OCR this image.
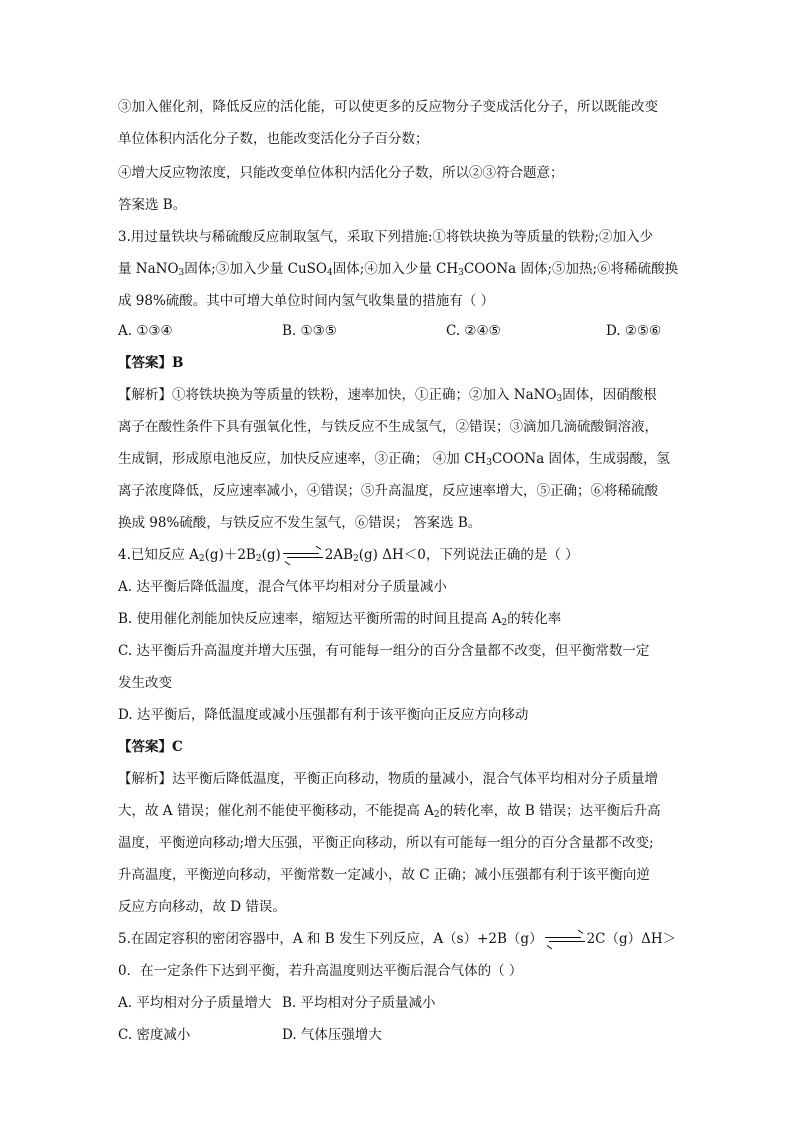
③加入催化剂，降低反应的活化能，可以使更多的反应物分子变成活化分子，所以既能改变
单位体积内活化分子数，也能改变活化分子百分数；
④增大反应物浓度，只能改变单位体积内活化分子数，所以②③符合题意；
答案选 B。
3.用过量铁块与稀硫酸反应制取氢气，采取下列措施:①将铁块换为等质量的铁粉;②加入少
量 NaNO$_3$固体;③加入少量 CuSO$_4$固体;④加入少量 $CH_3COONa$ 固体;⑤加热;⑥将稀硫酸换
成 98%硫酸。其中可增大单位时间内氢气收集量的措施有（ ）
A. ①③④	B. ①③⑤	C. ②④⑤	D. ②⑤⑥
【答案】B
【解析】①将铁块换为等质量的铁粉，速率加快，①正确；②加入 NaNO$_3$固体，因硝酸根
离子在酸性条件下具有强氧化性，与铁反应不生成氢气，②错误；③滴加几滴硫酸铜溶液，
生成铜，形成原电池反应，加快反应速率，③正确； ④加 $CH_3COONa$ 固体，生成弱酸，氢
离子浓度降低，反应速率减小，④错误；⑤升高温度，反应速率增大，⑤正确；⑥将稀硫酸
换成 98%硫酸，与铁反应不发生氢气，⑥错误； 答案选 B。
4.已知反应 $A_2(g)+2B_2(g)$ ⇌ $2AB_2(g)$ ΔH＜0，下列说法正确的是（ ）
A. 达平衡后降低温度，混合气体平均相对分子质量减小
B. 使用催化剂能加快反应速率，缩短达平衡所需的时间且提高 $A_2$的转化率
C. 达平衡后升高温度并增大压强，有可能每一组分的百分含量都不改变，但平衡常数一定
发生改变
D. 达平衡后，降低温度或减小压强都有利于该平衡向正反应方向移动
【答案】C
【解析】达平衡后降低温度，平衡正向移动，物质的量减小，混合气体平均相对分子质量增
大，故 A 错误；催化剂不能使平衡移动，不能提高 $A_2$的转化率，故 B 错误；达平衡后升高
温度，平衡逆向移动;增大压强，平衡正向移动，所以有可能每一组分的百分含量都不改变;
升高温度，平衡逆向移动，平衡常数一定减小，故 C 正确；减小压强都有利于该平衡向逆
反应方向移动，故 D 错误。
5.在固定容积的密闭容器中，A 和 B 发生下列反应，A（s）+2B（g） ⇌ 2C（g）ΔH＞
0．在一定条件下达到平衡，若升高温度则达平衡后混合气体的（ ）
A. 平均相对分子质量增大 B. 平均相对分子质量减小
C. 密度减小	D. 气体压强增大
